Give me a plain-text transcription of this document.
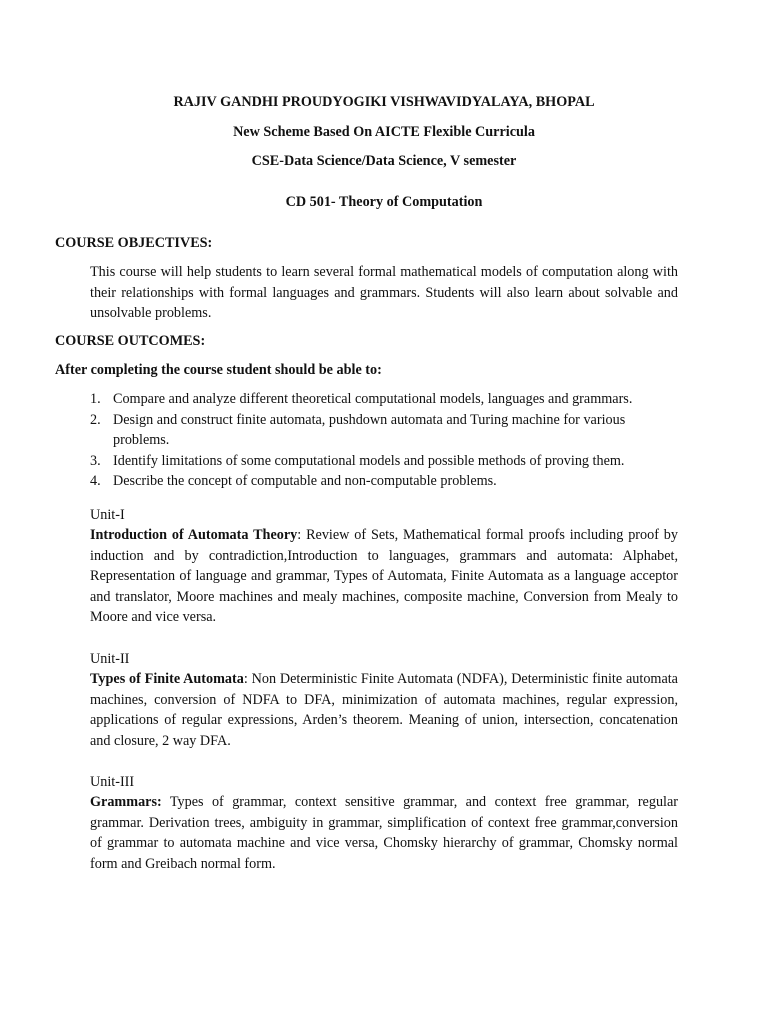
RAJIV GANDHI PROUDYOGIKI VISHWAVIDYALAYA, BHOPAL
New Scheme Based On AICTE Flexible Curricula
CSE-Data Science/Data Science, V semester
CD 501- Theory of Computation
COURSE OBJECTIVES:
This course will help students to learn several formal mathematical models of computation along with their relationships with formal languages and grammars. Students will also learn about solvable and unsolvable problems.
COURSE OUTCOMES:
After completing the course student should be able to:
1. Compare and analyze different theoretical computational models, languages and grammars.
2. Design and construct finite automata, pushdown automata and Turing machine for various problems.
3. Identify limitations of some computational models and possible methods of proving them.
4. Describe the concept of computable and non-computable problems.
Unit-I
Introduction of Automata Theory: Review of Sets, Mathematical formal proofs including proof by induction and by contradiction,Introduction to languages, grammars and automata: Alphabet, Representation of language and grammar, Types of Automata, Finite Automata as a language acceptor and translator, Moore machines and mealy machines, composite machine, Conversion from Mealy to Moore and vice versa.
Unit-II
Types of Finite Automata: Non Deterministic Finite Automata (NDFA), Deterministic finite automata machines, conversion of NDFA to DFA, minimization of automata machines, regular expression, applications of regular expressions, Arden’s theorem. Meaning of union, intersection, concatenation and closure, 2 way DFA.
Unit-III
Grammars: Types of grammar, context sensitive grammar, and context free grammar, regular grammar. Derivation trees, ambiguity in grammar, simplification of context free grammar,conversion of grammar to automata machine and vice versa, Chomsky hierarchy of grammar, Chomsky normal form and Greibach normal form.
